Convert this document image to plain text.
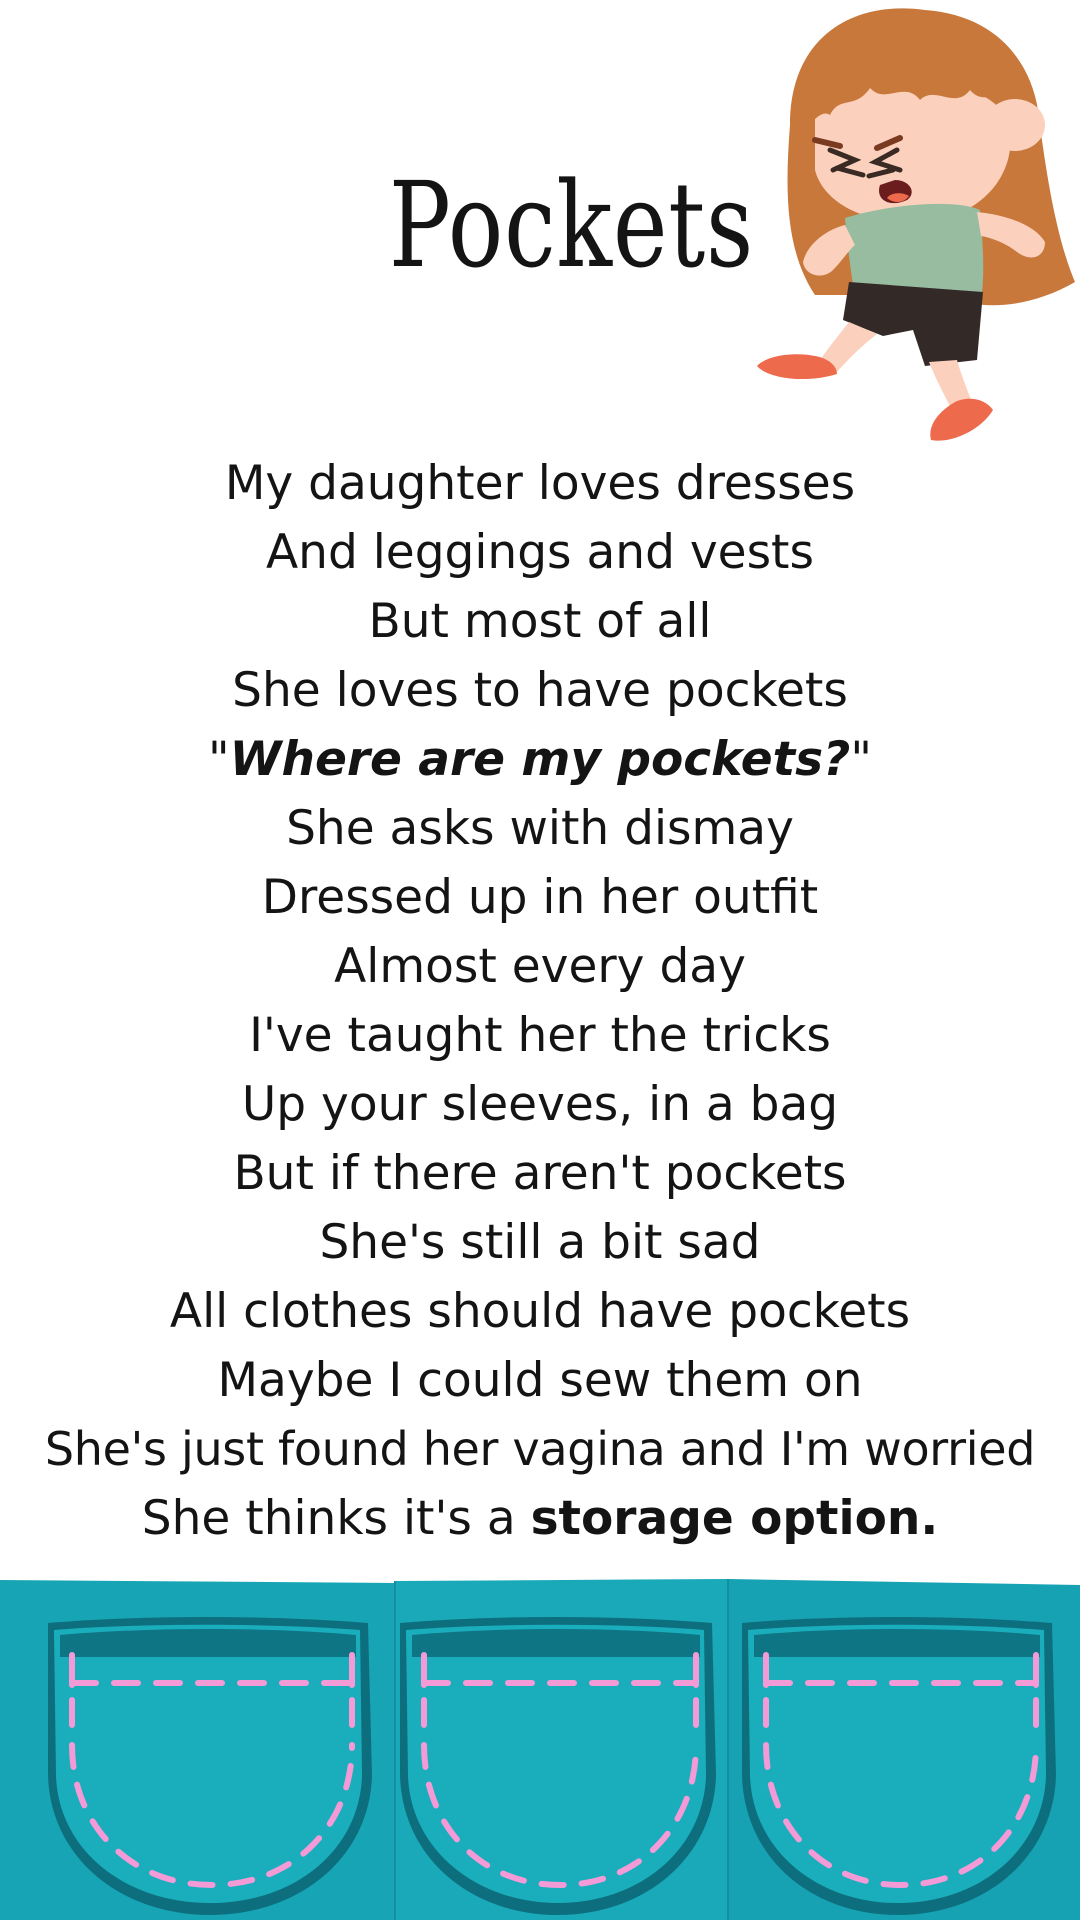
Pockets
My daughter loves dresses
And leggings and vests
But most of all
She loves to have pockets
"Where are my pockets?"
She asks with dismay
Dressed up in her outfit
Almost every day
I've taught her the tricks
Up your sleeves, in a bag
But if there aren't pockets
She's still a bit sad
All clothes should have pockets
Maybe I could sew them on
She's just found her vagina and I'm worried
She thinks it's a storage option.
